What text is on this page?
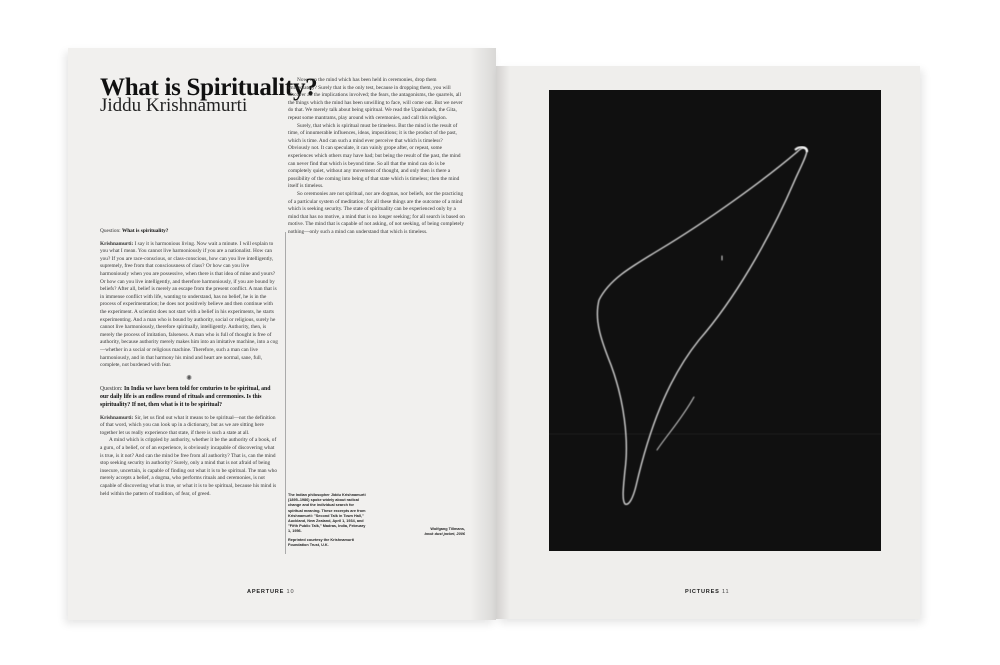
What is Spirituality?
Jiddu Krishnamurti

Question: What is spirituality?

Krishnamurti: I say it is harmonious living. Now wait a minute. I will explain to you what I mean. You cannot live harmoniously if you are a nationalist. How can you? If you are race-conscious, or class-conscious, how can you live intelligently, supremely, free from that consciousness of class? Or how can you live harmoniously when you are possessive, when there is that idea of mine and yours? Or how can you live intelligently, and therefore harmoniously, if you are bound by beliefs? After all, belief is merely an escape from the present conflict. A man that is in immense conflict with life, wanting to understand, has no belief, he is in the process of experimentation; he does not positively believe and then continue with the experiment. A scientist does not start with a belief in his experiments, he starts experimenting. And a man who is bound by authority, social or religious, surely he cannot live harmoniously, therefore spiritually, intelligently. Authority, then, is merely the process of imitation, falseness. A man who is full of thought is free of authority, because authority merely makes him into an imitative machine, into a cog—whether in a social or religious machine. Therefore, such a man can live harmoniously, and in that harmony his mind and heart are normal, sane, full, complete, not burdened with fear.

✺

Question: In India we have been told for centuries to be spiritual, and our daily life is an endless round of rituals and ceremonies. Is this spirituality? If not, then what is it to be spiritual?

Krishnamurti: Sir, let us find out what it means to be spiritual—not the definition of that word, which you can look up in a dictionary, but as we are sitting here together let us really experience that state, if there is such a state at all.

A mind which is crippled by authority, whether it be the authority of a book, of a guru, of a belief, or of an experience, is obviously incapable of discovering what is true, is it not? And can the mind be free from all authority? That is, can the mind stop seeking security in authority? Surely, only a mind that is not afraid of being insecure, uncertain, is capable of finding out what it is to be spiritual. The man who merely accepts a belief, a dogma, who performs rituals and ceremonies, is not capable of discovering what is true, or what it is to be spiritual, because his mind is held within the pattern of tradition, of fear, of greed.

Now, can the mind which has been held in ceremonies, drop them immediately? Surely that is the only test, because in dropping them, you will discover all the implications involved; the fears, the antagonisms, the quarrels, all the things which the mind has been unwilling to face, will come out. But we never do that. We merely talk about being spiritual. We read the Upanishads, the Gita, repeat some mantrams, play around with ceremonies, and call this religion.

Surely, that which is spiritual must be timeless. But the mind is the result of time, of innumerable influences, ideas, impositions; it is the product of the past, which is time. And can such a mind ever perceive that which is timeless? Obviously not. It can speculate, it can vainly grope after, or repeat, some experiences which others may have had; but being the result of the past, the mind can never find that which is beyond time. So all that the mind can do is be completely quiet, without any movement of thought, and only then is there a possibility of the coming into being of that state which is timeless; then the mind itself is timeless.

So ceremonies are not spiritual, nor are dogmas, nor beliefs, nor the practicing of a particular system of meditation; for all these things are the outcome of a mind which is seeking security. The state of spirituality can be experienced only by a mind that has no motive, a mind that is no longer seeking; for all search is based on motive. The mind that is capable of not asking, of not seeking, of being completely nothing—only such a mind can understand that which is timeless.

The Indian philosopher Jiddu Krishnamurti (1895–1986) spoke widely about radical change and the individual search for spiritual meaning. These excerpts are from Krishnamurti: "Second Talk in Town Hall," Auckland, New Zealand, April 1, 1934, and "Fifth Public Talk," Madras, India, February 1, 1956.

Reprinted courtesy the Krishnamurti Foundation Trust, U.K.

Wolfgang Tillmans,
book dust jacket, 2006
APERTURE 10	PICTURES 11
